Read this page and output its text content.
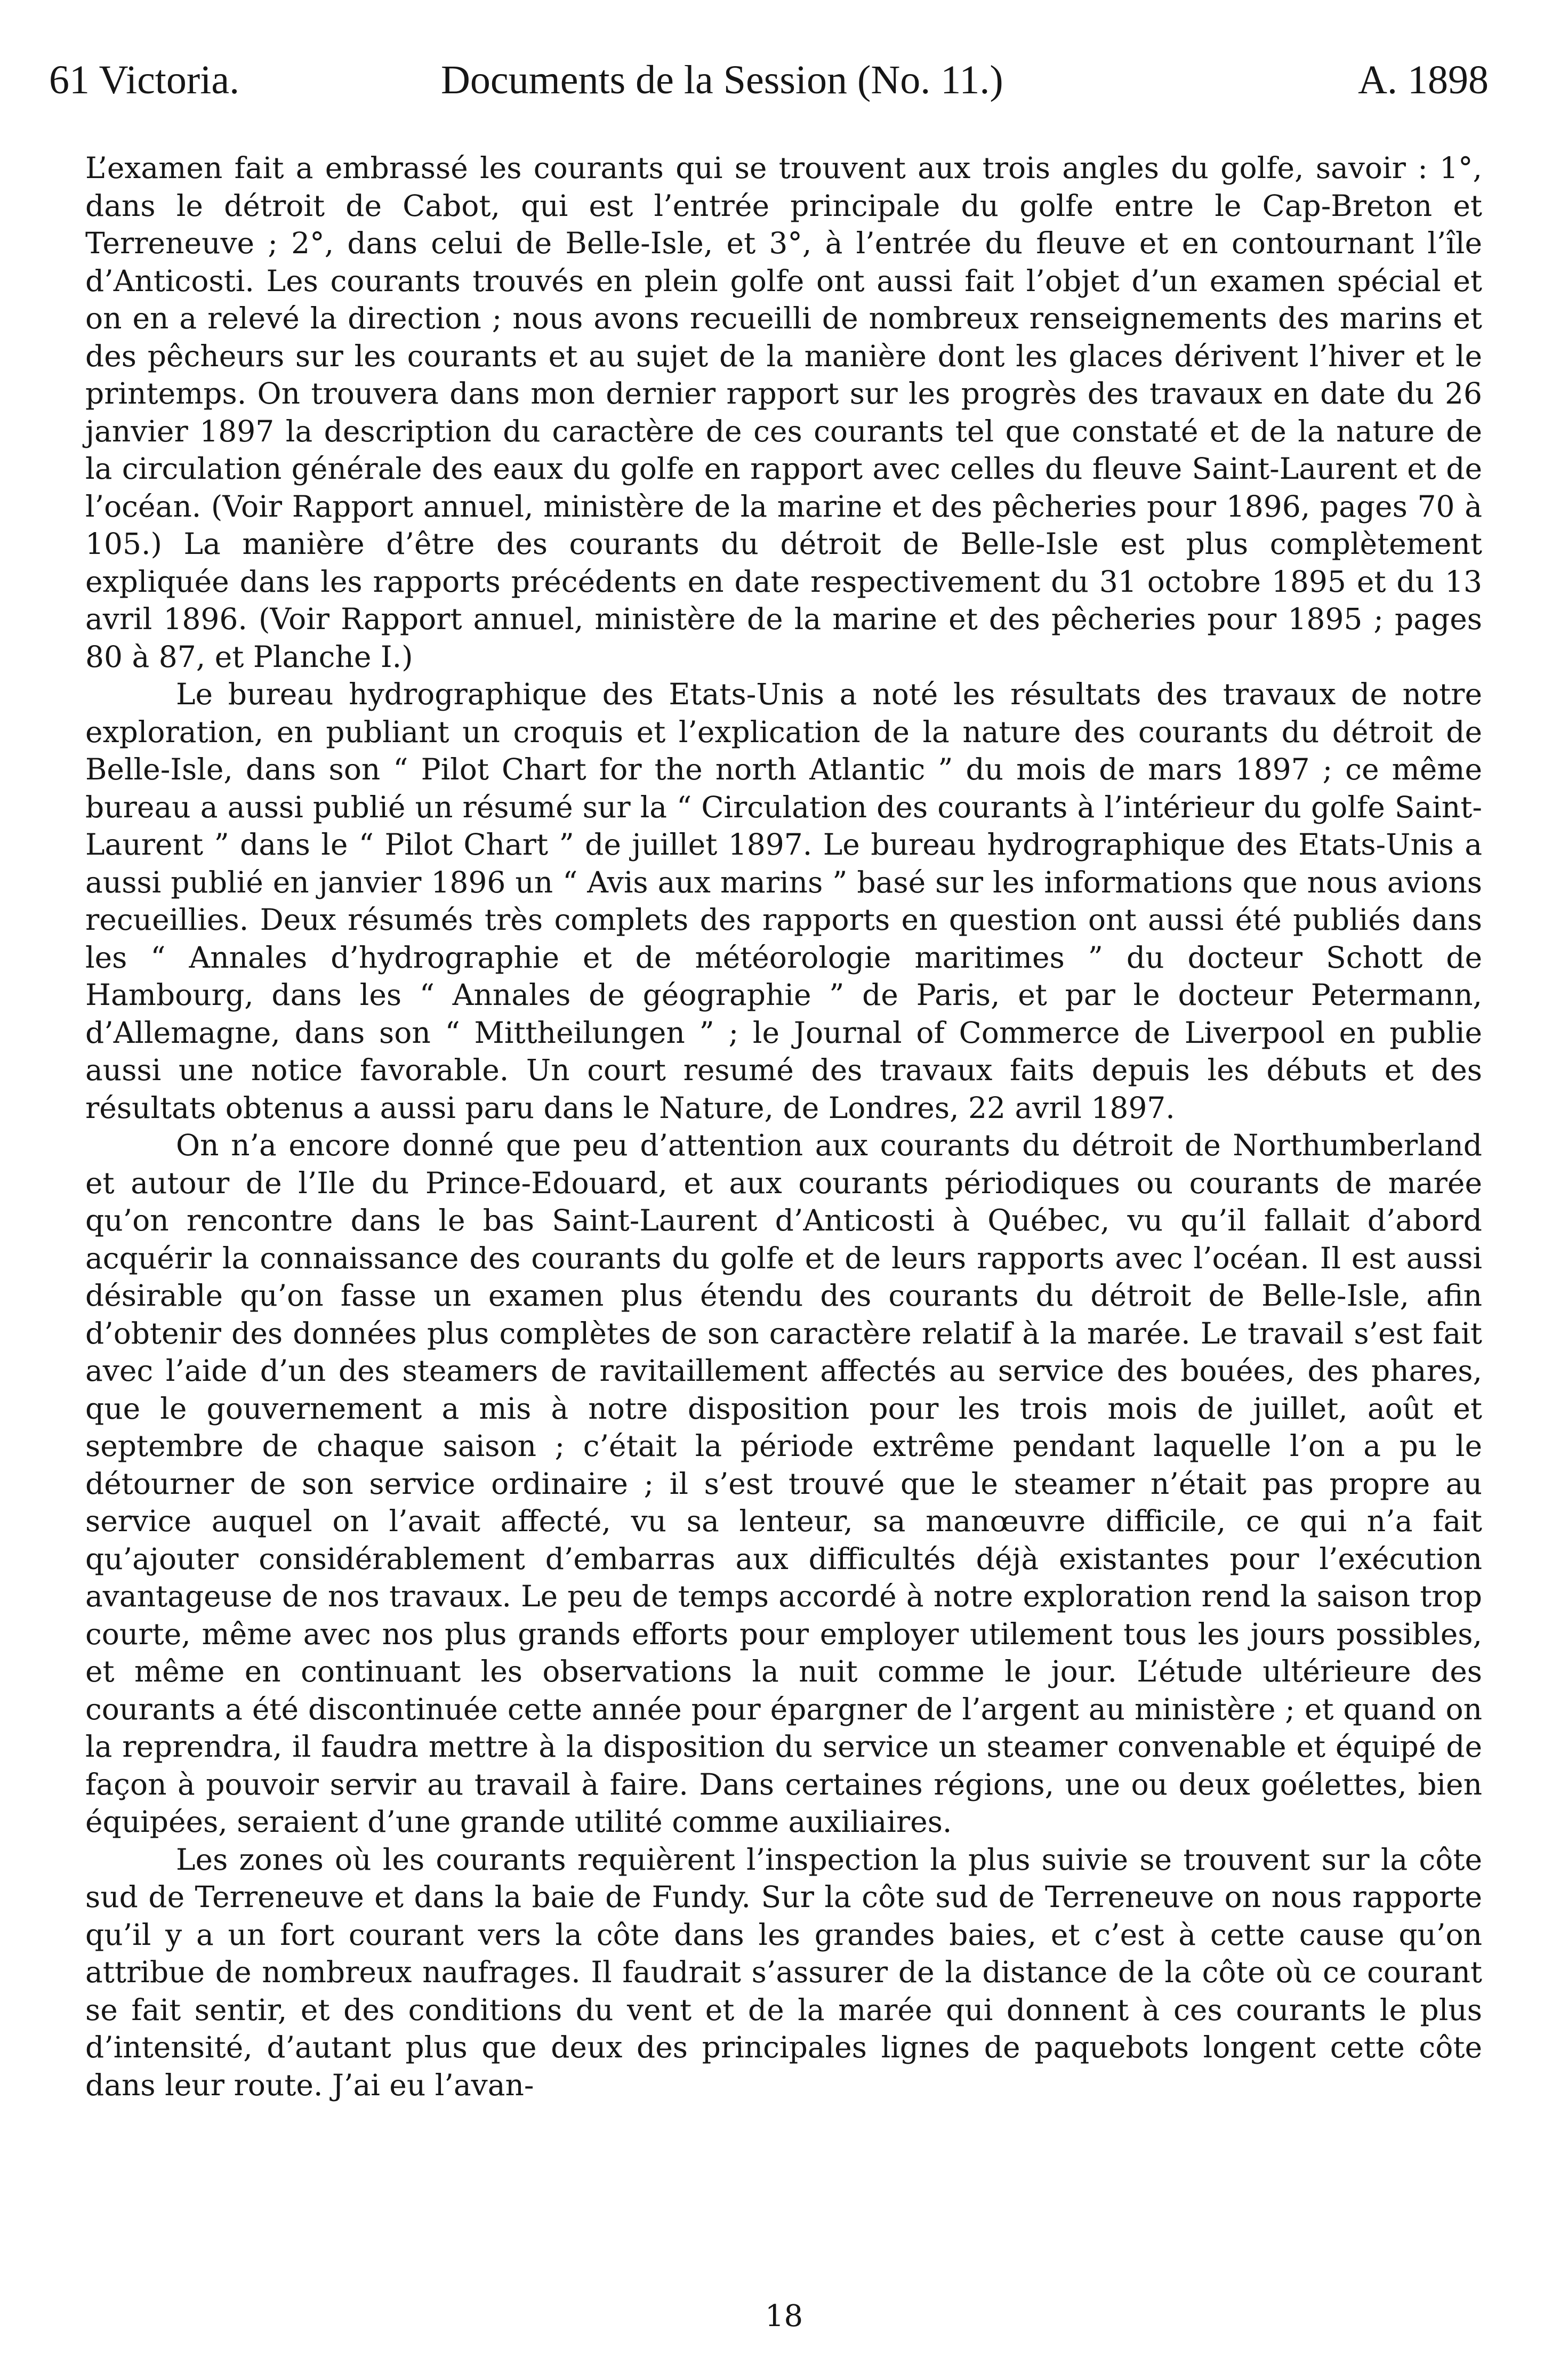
61 Victoria.	Documents de la Session (No. 11.)	A. 1898

L’examen fait a embrassé les courants qui se trouvent aux trois angles du golfe, savoir : 1°, dans le détroit de Cabot, qui est l’entrée principale du golfe entre le Cap-Breton et Terreneuve ; 2°, dans celui de Belle-Isle, et 3°, à l’entrée du fleuve et en contournant l’île d’Anticosti. Les courants trouvés en plein golfe ont aussi fait l’objet d’un examen spécial et on en a relevé la direction ; nous avons recueilli de nombreux renseignements des marins et des pêcheurs sur les courants et au sujet de la manière dont les glaces dérivent l’hiver et le printemps. On trouvera dans mon dernier rapport sur les progrès des travaux en date du 26 janvier 1897 la description du caractère de ces courants tel que constaté et de la nature de la circulation générale des eaux du golfe en rapport avec celles du fleuve Saint-Laurent et de l’océan. (Voir Rapport annuel, ministère de la marine et des pêcheries pour 1896, pages 70 à 105.) La manière d’être des courants du détroit de Belle-Isle est plus complètement expliquée dans les rapports précédents en date respectivement du 31 octobre 1895 et du 13 avril 1896. (Voir Rapport annuel, ministère de la marine et des pêcheries pour 1895 ; pages 80 à 87, et Planche I.)

Le bureau hydrographique des Etats-Unis a noté les résultats des travaux de notre exploration, en publiant un croquis et l’explication de la nature des courants du détroit de Belle-Isle, dans son “ Pilot Chart for the north Atlantic ” du mois de mars 1897 ; ce même bureau a aussi publié un résumé sur la “ Circulation des courants à l’intérieur du golfe Saint-Laurent ” dans le “ Pilot Chart ” de juillet 1897. Le bureau hydrographique des Etats-Unis a aussi publié en janvier 1896 un “ Avis aux marins ” basé sur les informations que nous avions recueillies. Deux résumés très complets des rapports en question ont aussi été publiés dans les “ Annales d’hydrographie et de météorologie maritimes ” du docteur Schott de Hambourg, dans les “ Annales de géographie ” de Paris, et par le docteur Petermann, d’Allemagne, dans son “ Mittheilungen ” ; le Journal of Commerce de Liverpool en publie aussi une notice favorable. Un court resumé des travaux faits depuis les débuts et des résultats obtenus a aussi paru dans le Nature, de Londres, 22 avril 1897.

On n’a encore donné que peu d’attention aux courants du détroit de Northumberland et autour de l’Ile du Prince-Edouard, et aux courants périodiques ou courants de marée qu’on rencontre dans le bas Saint-Laurent d’Anticosti à Québec, vu qu’il fallait d’abord acquérir la connaissance des courants du golfe et de leurs rapports avec l’océan. Il est aussi désirable qu’on fasse un examen plus étendu des courants du détroit de Belle-Isle, afin d’obtenir des données plus complètes de son caractère relatif à la marée. Le travail s’est fait avec l’aide d’un des steamers de ravitaillement affectés au service des bouées, des phares, que le gouvernement a mis à notre disposition pour les trois mois de juillet, août et septembre de chaque saison ; c’était la période extrême pendant laquelle l’on a pu le détourner de son service ordinaire ; il s’est trouvé que le steamer n’était pas propre au service auquel on l’avait affecté, vu sa lenteur, sa manœuvre difficile, ce qui n’a fait qu’ajouter considérablement d’embarras aux difficultés déjà existantes pour l’exécution avantageuse de nos travaux. Le peu de temps accordé à notre exploration rend la saison trop courte, même avec nos plus grands efforts pour employer utilement tous les jours possibles, et même en continuant les observations la nuit comme le jour. L’étude ultérieure des courants a été discontinuée cette année pour épargner de l’argent au ministère ; et quand on la reprendra, il faudra mettre à la disposition du service un steamer convenable et équipé de façon à pouvoir servir au travail à faire. Dans certaines régions, une ou deux goélettes, bien équipées, seraient d’une grande utilité comme auxiliaires.

Les zones où les courants requièrent l’inspection la plus suivie se trouvent sur la côte sud de Terreneuve et dans la baie de Fundy. Sur la côte sud de Terreneuve on nous rapporte qu’il y a un fort courant vers la côte dans les grandes baies, et c’est à cette cause qu’on attribue de nombreux naufrages. Il faudrait s’assurer de la distance de la côte où ce courant se fait sentir, et des conditions du vent et de la marée qui donnent à ces courants le plus d’intensité, d’autant plus que deux des principales lignes de paquebots longent cette côte dans leur route. J’ai eu l’avan-

18
